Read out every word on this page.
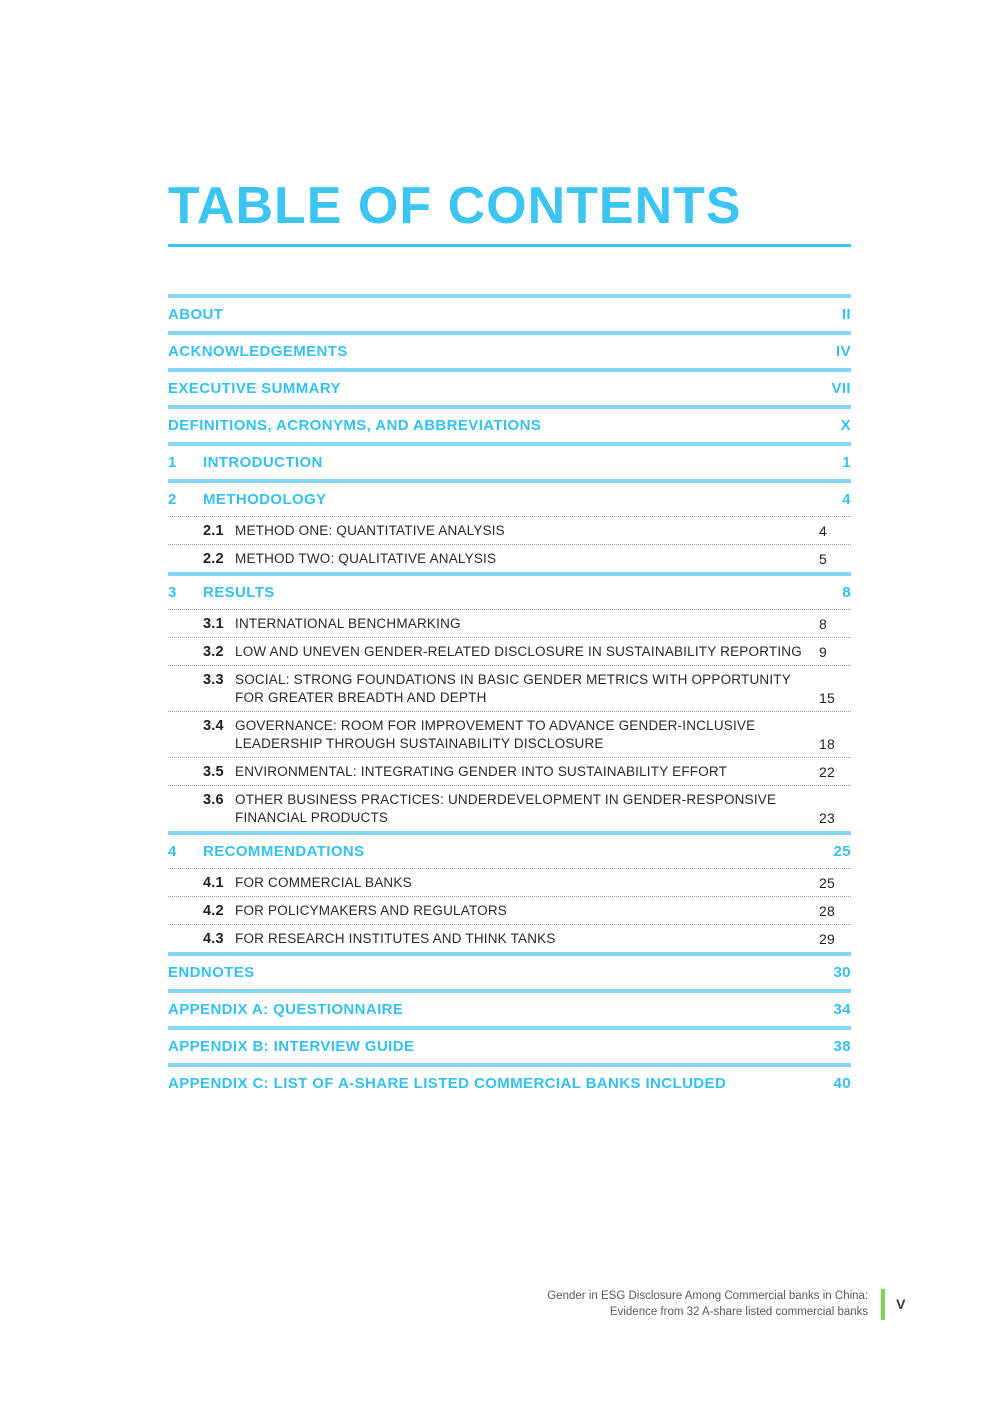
TABLE OF CONTENTS
ABOUT	II
ACKNOWLEDGEMENTS	IV
EXECUTIVE SUMMARY	VII
DEFINITIONS, ACRONYMS, AND ABBREVIATIONS	X
1	INTRODUCTION	1
2	METHODOLOGY	4
2.1 METHOD ONE: QUANTITATIVE ANALYSIS	4
2.2 METHOD TWO: QUALITATIVE ANALYSIS	5
3	RESULTS	8
3.1 INTERNATIONAL BENCHMARKING	8
3.2 LOW AND UNEVEN GENDER-RELATED DISCLOSURE IN SUSTAINABILITY REPORTING 9
3.3 SOCIAL: STRONG FOUNDATIONS IN BASIC GENDER METRICS WITH OPPORTUNITY FOR GREATER BREADTH AND DEPTH	15
3.4 GOVERNANCE: ROOM FOR IMPROVEMENT TO ADVANCE GENDER-INCLUSIVE LEADERSHIP THROUGH SUSTAINABILITY DISCLOSURE	18
3.5 ENVIRONMENTAL: INTEGRATING GENDER INTO SUSTAINABILITY EFFORT	22
3.6 OTHER BUSINESS PRACTICES: UNDERDEVELOPMENT IN GENDER-RESPONSIVE FINANCIAL PRODUCTS	23
4	RECOMMENDATIONS	25
4.1 FOR COMMERCIAL BANKS	25
4.2 FOR POLICYMAKERS AND REGULATORS	28
4.3 FOR RESEARCH INSTITUTES AND THINK TANKS	29
ENDNOTES	30
APPENDIX A: QUESTIONNAIRE	34
APPENDIX B: INTERVIEW GUIDE	38
APPENDIX C: LIST OF A-SHARE LISTED COMMERCIAL BANKS INCLUDED	40
Gender in ESG Disclosure Among Commercial banks in China:
Evidence from 32 A-share listed commercial banks V
